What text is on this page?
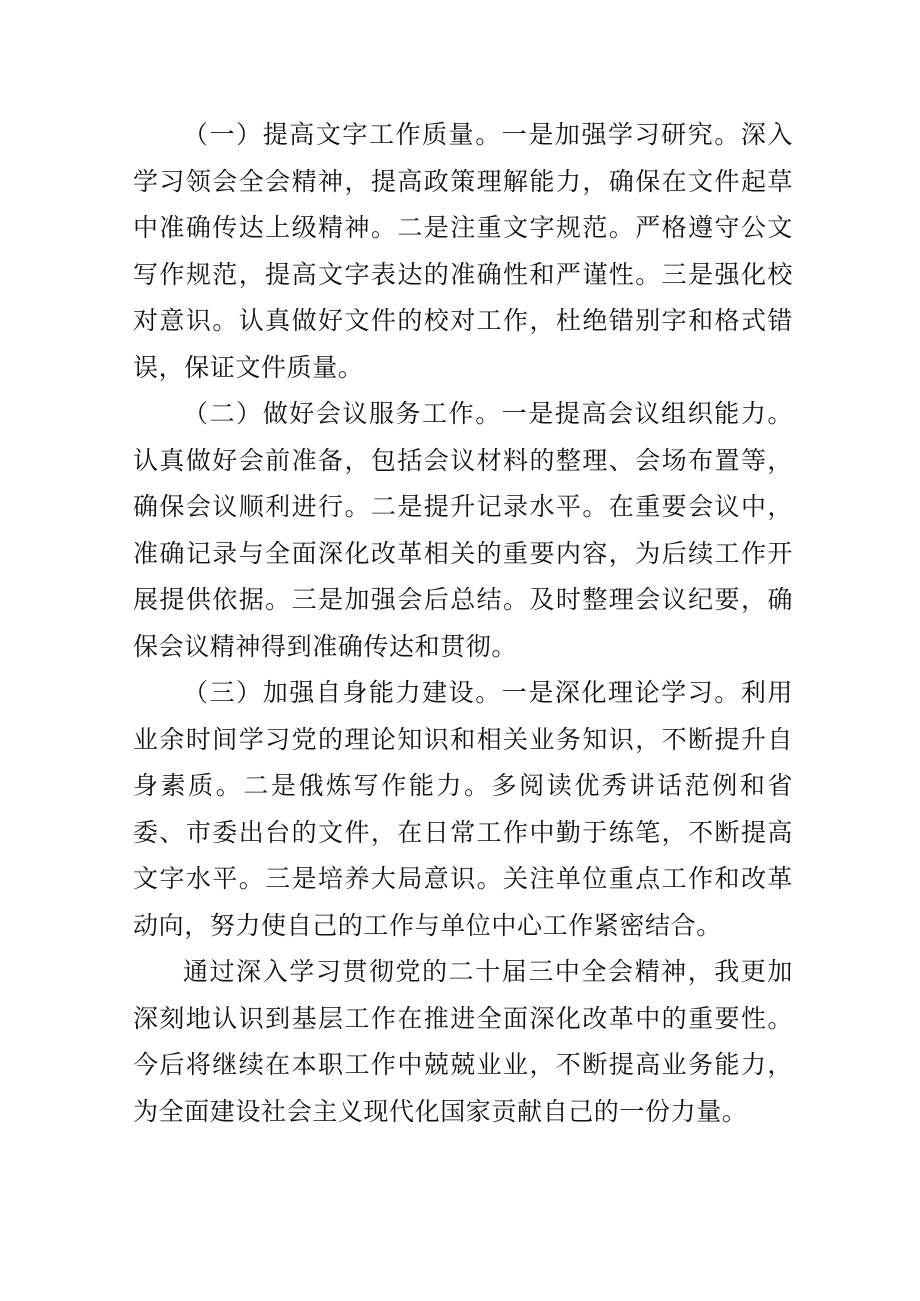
（一）提高文字工作质量。一是加强学习研究。深入学习领会全会精神，提高政策理解能力，确保在文件起草中准确传达上级精神。二是注重文字规范。严格遵守公文写作规范，提高文字表达的准确性和严谨性。三是强化校对意识。认真做好文件的校对工作，杜绝错别字和格式错误，保证文件质量。

（二）做好会议服务工作。一是提高会议组织能力。认真做好会前准备，包括会议材料的整理、会场布置等，确保会议顺利进行。二是提升记录水平。在重要会议中，准确记录与全面深化改革相关的重要内容，为后续工作开展提供依据。三是加强会后总结。及时整理会议纪要，确保会议精神得到准确传达和贯彻。

（三）加强自身能力建设。一是深化理论学习。利用业余时间学习党的理论知识和相关业务知识，不断提升自身素质。二是俄炼写作能力。多阅读优秀讲话范例和省委、市委出台的文件，在日常工作中勤于练笔，不断提高文字水平。三是培养大局意识。关注单位重点工作和改革动向，努力使自己的工作与单位中心工作紧密结合。

通过深入学习贯彻党的二十届三中全会精神，我更加深刻地认识到基层工作在推进全面深化改革中的重要性。今后将继续在本职工作中兢兢业业，不断提高业务能力，为全面建设社会主义现代化国家贡献自己的一份力量。
